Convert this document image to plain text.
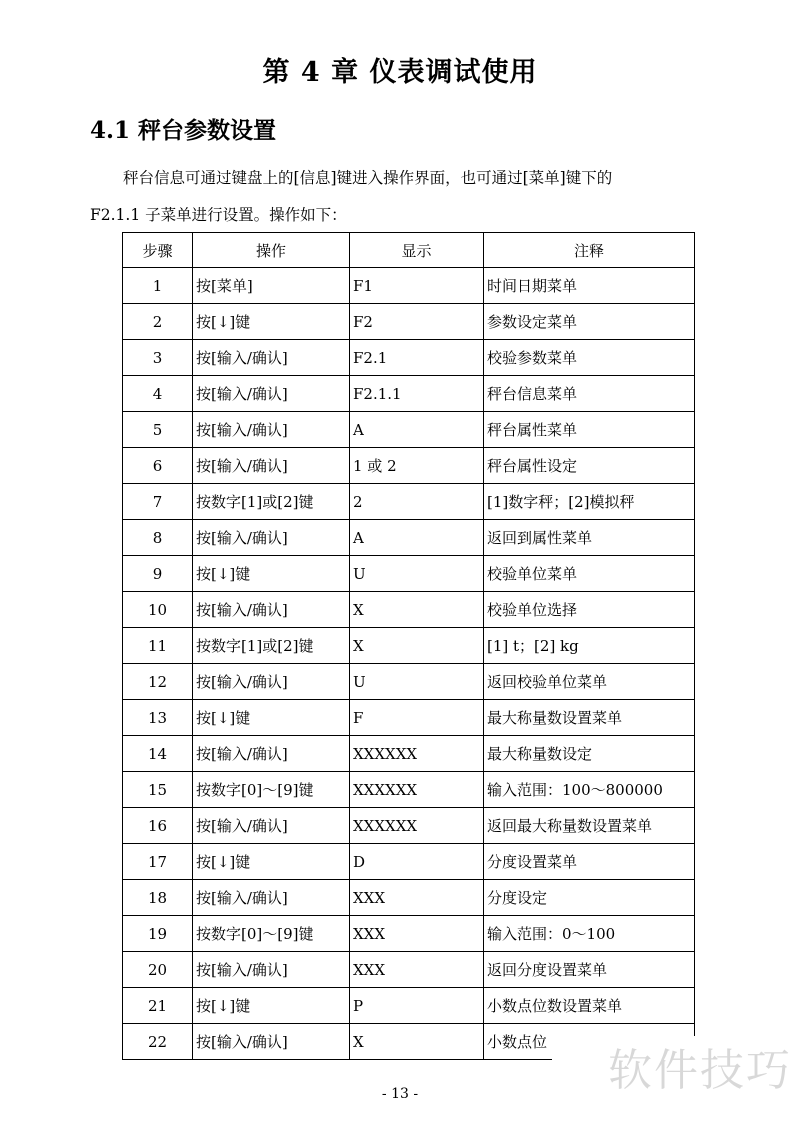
第 4 章 仪表调试使用
4.1 秤台参数设置
秤台信息可通过键盘上的[信息]键进入操作界面，也可通过[菜单]键下的
F2.1.1 子菜单进行设置。操作如下：
步骤	操作	显示	注释
1	按[菜单]	F1	时间日期菜单
2	按[↓]键	F2	参数设定菜单
3	按[输入/确认]	F2.1	校验参数菜单
4	按[输入/确认]	F2.1.1	秤台信息菜单
5	按[输入/确认]	A	秤台属性菜单
6	按[输入/确认]	1 或 2	秤台属性设定
7	按数字[1]或[2]键	2	[1]数字秤；[2]模拟秤
8	按[输入/确认]	A	返回到属性菜单
9	按[↓]键	U	校验单位菜单
10	按[输入/确认]	X	校验单位选择
11	按数字[1]或[2]键	X	[1] t；[2] kg
12	按[输入/确认]	U	返回校验单位菜单
13	按[↓]键	F	最大称量数设置菜单
14	按[输入/确认]	XXXXXX	最大称量数设定
15	按数字[0]～[9]键	XXXXXX	输入范围：100～800000
16	按[输入/确认]	XXXXXX	返回最大称量数设置菜单
17	按[↓]键	D	分度设置菜单
18	按[输入/确认]	XXX	分度设定
19	按数字[0]～[9]键	XXX	输入范围：0～100
20	按[输入/确认]	XXX	返回分度设置菜单
21	按[↓]键	P	小数点位数设置菜单
22	按[输入/确认]	X	小数点位
软件技巧
- 13 -
